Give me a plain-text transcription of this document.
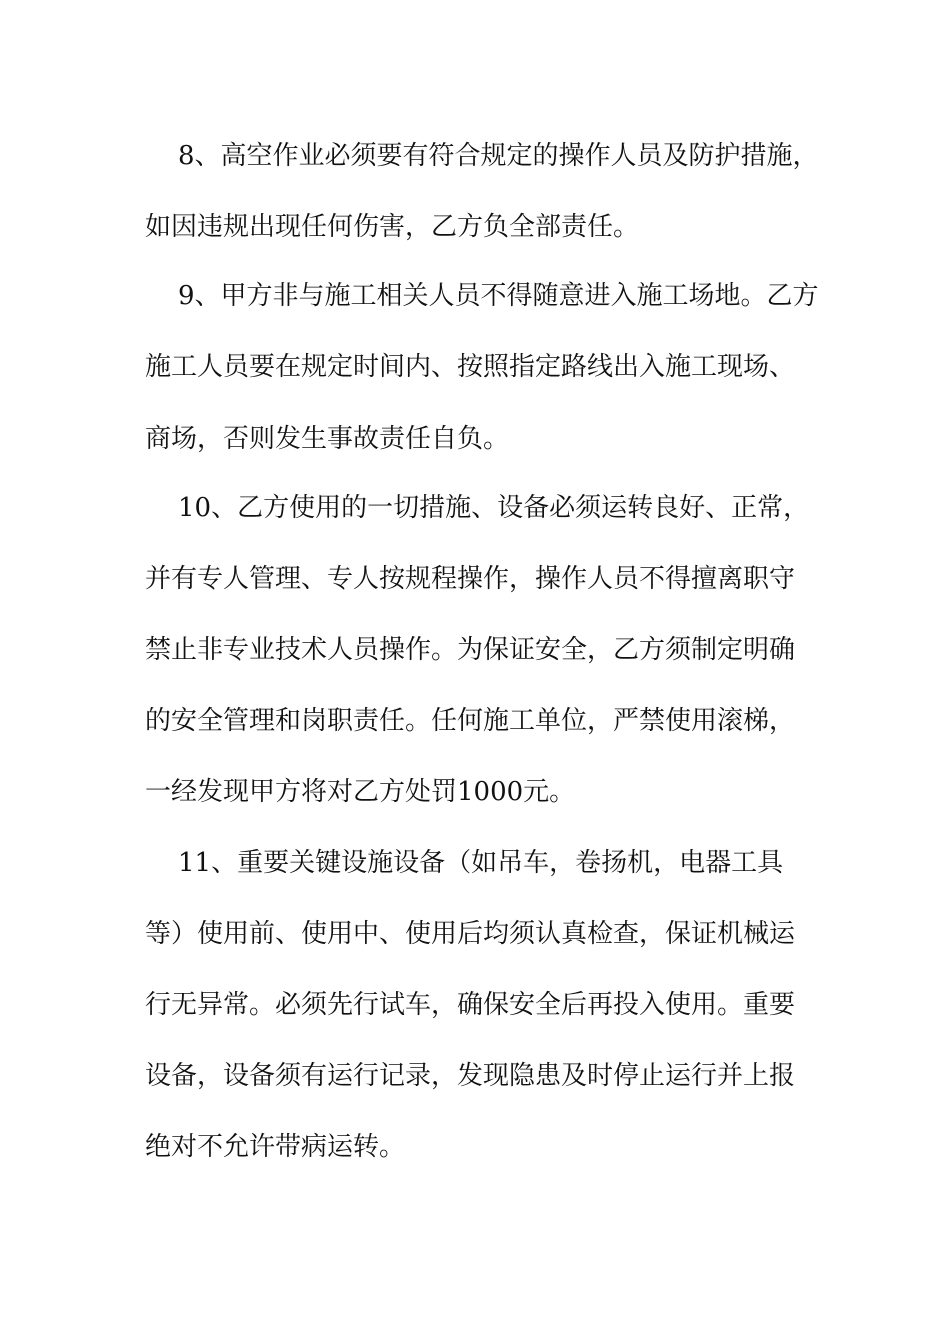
8、高空作业必须要有符合规定的操作人员及防护措施，
如因违规出现任何伤害，乙方负全部责任。
9、甲方非与施工相关人员不得随意进入施工场地。乙方
施工人员要在规定时间内、按照指定路线出入施工现场、
商场，否则发生事故责任自负。
10、乙方使用的一切措施、设备必须运转良好、正常，
并有专人管理、专人按规程操作，操作人员不得擅离职守
禁止非专业技术人员操作。为保证安全，乙方须制定明确
的安全管理和岗职责任。任何施工单位，严禁使用滚梯，
一经发现甲方将对乙方处罚1000元。
11、重要关键设施设备（如吊车，卷扬机，电器工具
等）使用前、使用中、使用后均须认真检查，保证机械运
行无异常。必须先行试车，确保安全后再投入使用。重要
设备，设备须有运行记录，发现隐患及时停止运行并上报
绝对不允许带病运转。
